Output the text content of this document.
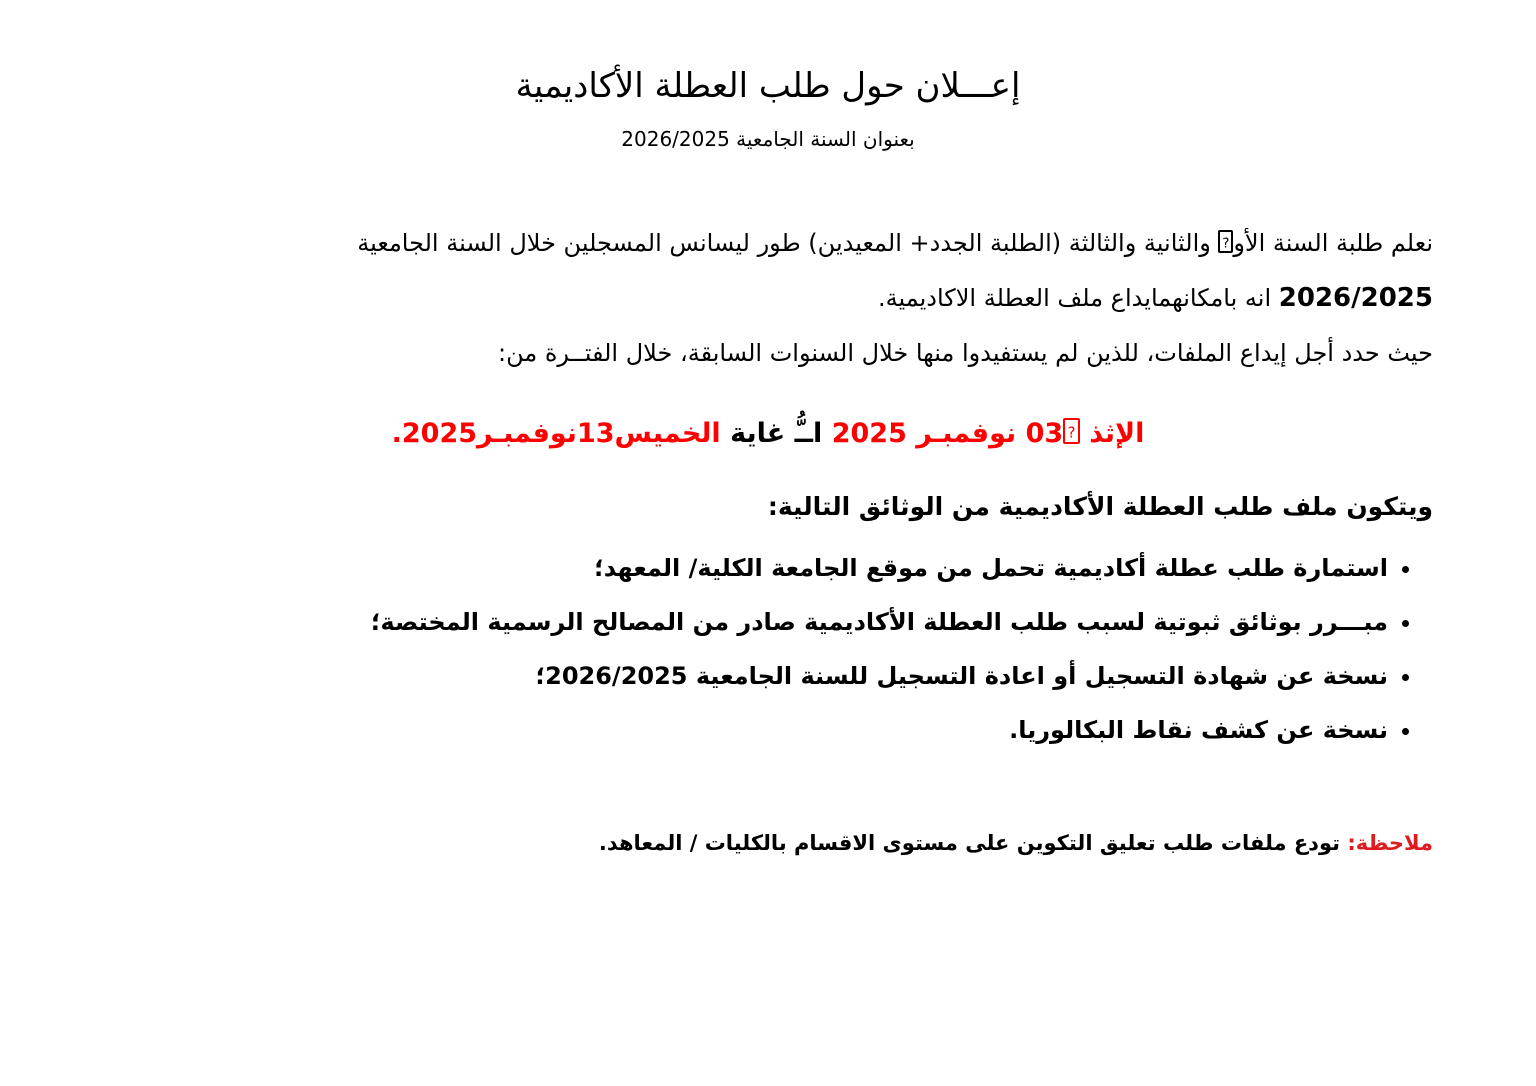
إعـــلان حول طلب العطلة الأكاديمية
بعنوان السنة الجامعية 2026/2025

نعلم طلبة السنة الأو? والثانية والثالثة (الطلبة الجدد+ المعيدين) طور ليسانس المسجلين خلال السنة الجامعية 2026/2025 انه بامكانهمايداع ملف العطلة الاكاديمية.

حيث حدد أجل إيداع الملفات، للذين لم يستفيدوا منها خلال السنوات السابقة، خلال الفتــرة من:

الإثذ ?03 نوفمبـر 2025 اــُّ غاية الخميس13نوفمبـر2025.
ويتكون ملف طلب العطلة الأكاديمية من الوثائق التالية:
• استمارة طلب عطلة أكاديمية تحمل من موقع الجامعة الكلية/ المعهد؛
• مبـــرر بوثائق ثبوتية لسبب طلب العطلة الأكاديمية صادر من المصالح الرسمية المختصة؛
• نسخة عن شهادة التسجيل أو اعادة التسجيل للسنة الجامعية 2026/2025؛
• نسخة عن كشف نقاط البكالوريا.

ملاحظة: تودع ملفات طلب تعليق التكوين على مستوى الاقسام بالكليات / المعاهد.
